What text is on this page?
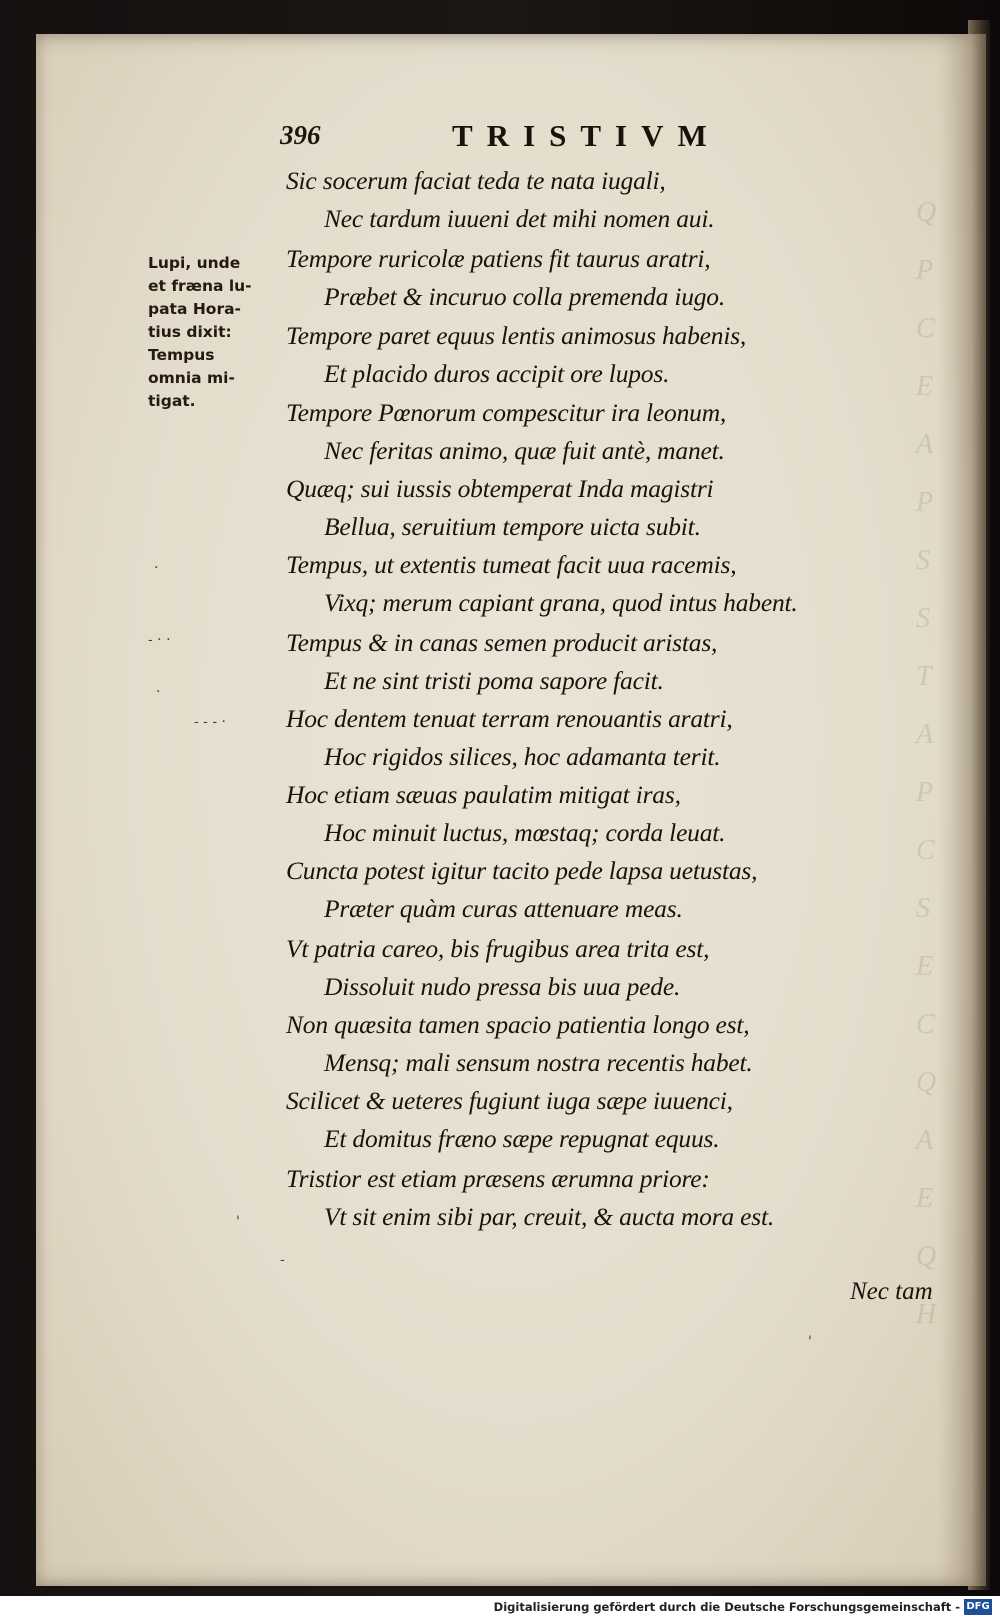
Q
P
C
E
A
P
S
S
T
A
P
C
S
E
C
Q
A
E
Q
H
396	TRISTIVM
Lupi, unde
et fræna lu-
pata Hora-
tius dixit:
Tempus
omnia mi-
tigat.
Sic socerum faciat teda te nata iugali,
Nec tardum iuueni det mihi nomen aui.
Tempore ruricolæ patiens fit taurus aratri,
Præbet & incuruo colla premenda iugo.
Tempore paret equus lentis animosus habenis,
Et placido duros accipit ore lupos.
Tempore Pœnorum compescitur ira leonum,
Nec feritas animo, quæ fuit antè, manet.
Quæq; sui iussis obtemperat Inda magistri
Bellua, seruitium tempore uicta subit.
Tempus, ut extentis tumeat facit uua racemis,
Vixq; merum capiant grana, quod intus habent.
Tempus & in canas semen producit aristas,
Et ne sint tristi poma sapore facit.
Hoc dentem tenuat terram renouantis aratri,
Hoc rigidos silices, hoc adamanta terit.
Hoc etiam sæuas paulatim mitigat iras,
Hoc minuit luctus, mœstaq; corda leuat.
Cuncta potest igitur tacito pede lapsa uetustas,
Præter quàm curas attenuare meas.
Vt patria careo, bis frugibus area trita est,
Dissoluit nudo pressa bis uua pede.
Non quæsita tamen spacio patientia longo est,
Mensq; mali sensum nostra recentis habet.
Scilicet & ueteres fugiunt iuga sæpe iuuenci,
Et domitus fræno sæpe repugnat equus.
Tristior est etiam præsens ærumna priore:
Vt sit enim sibi par, creuit, & aucta mora est.
Nec tam
·
- · ·
·
- - - ·
'
-
'
Digitalisierung gefördert durch die Deutsche Forschungsgemeinschaft - DFG
